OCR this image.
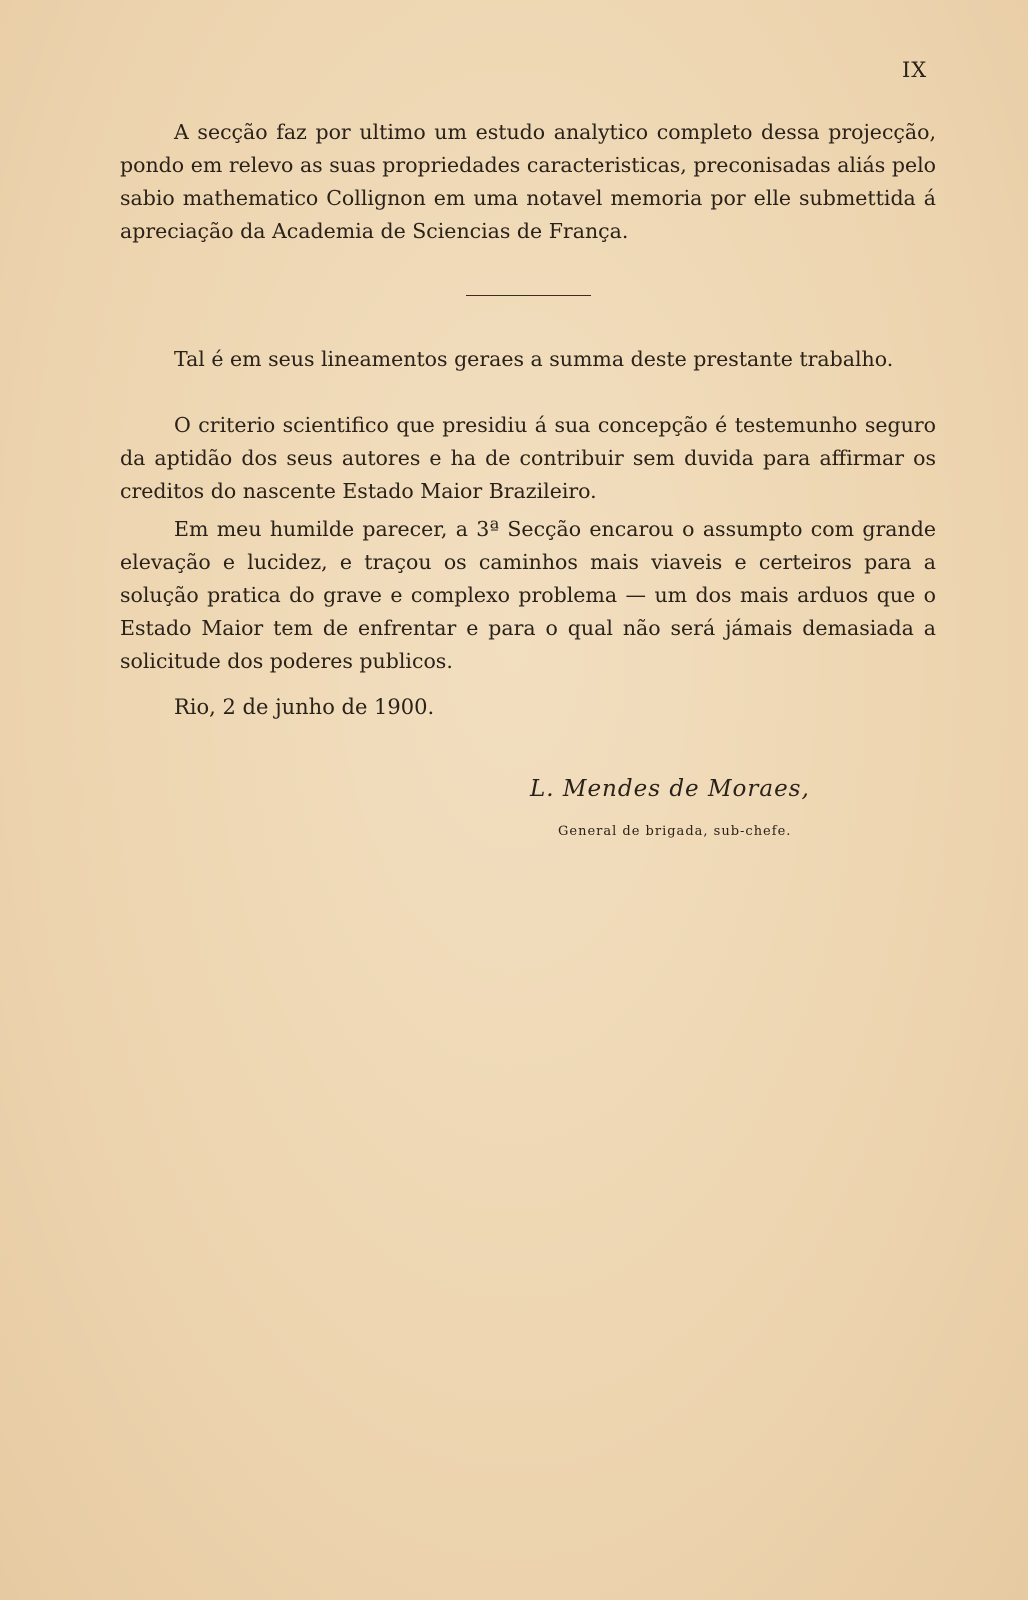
IX

A secção faz por ultimo um estudo analytico completo dessa projecção, pondo em relevo as suas propriedades caracteristicas, preconisadas aliás pelo sabio mathematico Collignon em uma notavel memoria por elle submettida á apreciação da Academia de Sciencias de França.

Tal é em seus lineamentos geraes a summa deste prestante trabalho.

O criterio scientifico que presidiu á sua concepção é testemunho seguro da aptidão dos seus autores e ha de contribuir sem duvida para affirmar os creditos do nascente Estado Maior Brazileiro.

Em meu humilde parecer, a 3ª Secção encarou o assumpto com grande elevação e lucidez, e traçou os caminhos mais viaveis e certeiros para a solução pratica do grave e complexo problema — um dos mais arduos que o Estado Maior tem de enfrentar e para o qual não será jámais demasiada a solicitude dos poderes publicos.

Rio, 2 de junho de 1900.
L. Mendes de Moraes,
General de brigada, sub-chefe.
